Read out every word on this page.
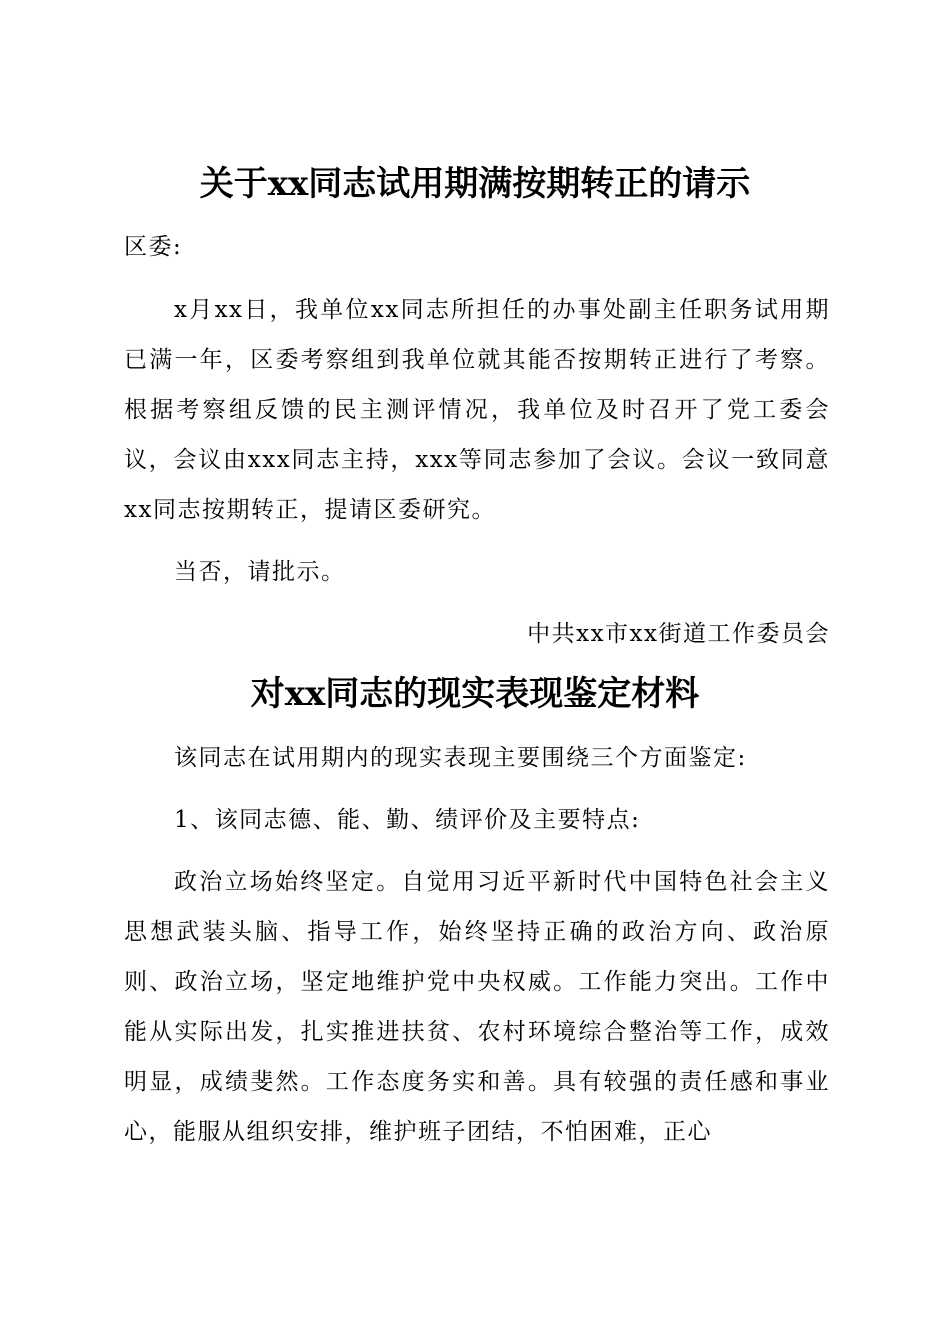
关于xx同志试用期满按期转正的请示
区委:
x月xx日，我单位xx同志所担任的办事处副主任职务试用期已满一年，区委考察组到我单位就其能否按期转正进行了考察。根据考察组反馈的民主测评情况，我单位及时召开了党工委会议，会议由xxx同志主持，xxx等同志参加了会议。会议一致同意xx同志按期转正，提请区委研究。
当否，请批示。
中共xx市xx街道工作委员会
对xx同志的现实表现鉴定材料
该同志在试用期内的现实表现主要围绕三个方面鉴定:
1、该同志德、能、勤、绩评价及主要特点:
政治立场始终坚定。自觉用习近平新时代中国特色社会主义思想武装头脑、指导工作，始终坚持正确的政治方向、政治原则、政治立场，坚定地维护党中央权威。工作能力突出。工作中能从实际出发，扎实推进扶贫、农村环境综合整治等工作，成效明显，成绩斐然。工作态度务实和善。具有较强的责任感和事业心，能服从组织安排，维护班子团结，不怕困难，正心
